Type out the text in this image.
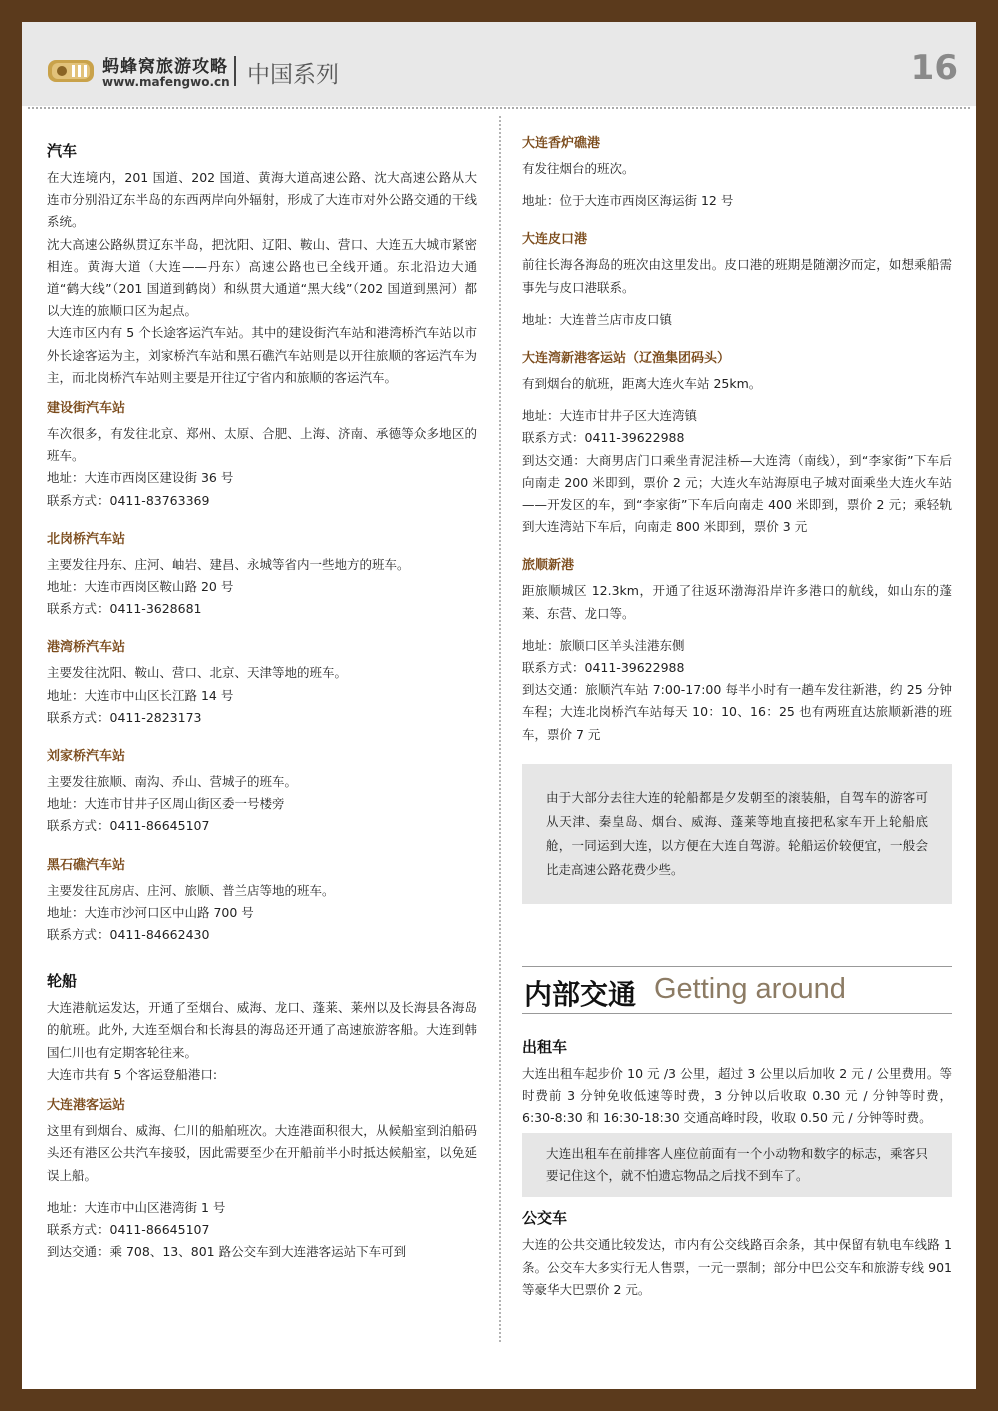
蚂蜂窝旅游攻略
www.mafengwo.cn 中国系列	16
汽车

在大连境内，201 国道、202 国道、黄海大道高速公路、沈大高速公路从大连市分别沿辽东半岛的东西两岸向外辐射，形成了大连市对外公路交通的干线系统。

沈大高速公路纵贯辽东半岛，把沈阳、辽阳、鞍山、营口、大连五大城市紧密相连。黄海大道（大连——丹东）高速公路也已全线开通。东北沿边大通道“鹤大线”（201 国道到鹤岗）和纵贯大通道“黑大线”（202 国道到黑河）都以大连的旅顺口区为起点。

大连市区内有 5 个长途客运汽车站。其中的建设街汽车站和港湾桥汽车站以市外长途客运为主，刘家桥汽车站和黑石礁汽车站则是以开往旅顺的客运汽车为主，而北岗桥汽车站则主要是开往辽宁省内和旅顺的客运汽车。

建设街汽车站

车次很多，有发往北京、郑州、太原、合肥、上海、济南、承德等众多地区的班车。

地址：大连市西岗区建设街 36 号

联系方式：0411-83763369

北岗桥汽车站

主要发往丹东、庄河、岫岩、建昌、永城等省内一些地方的班车。

地址：大连市西岗区鞍山路 20 号

联系方式：0411-3628681

港湾桥汽车站

主要发往沈阳、鞍山、营口、北京、天津等地的班车。

地址：大连市中山区长江路 14 号

联系方式：0411-2823173

刘家桥汽车站

主要发往旅顺、南沟、乔山、营城子的班车。

地址：大连市甘井子区周山街区委一号楼旁

联系方式：0411-86645107

黑石礁汽车站

主要发往瓦房店、庄河、旅顺、普兰店等地的班车。

地址：大连市沙河口区中山路 700 号

联系方式：0411-84662430

轮船

大连港航运发达，开通了至烟台、威海、龙口、蓬莱、莱州以及长海县各海岛的航班。此外, 大连至烟台和长海县的海岛还开通了高速旅游客船。大连到韩国仁川也有定期客轮往来。

大连市共有 5 个客运登船港口:

大连港客运站

这里有到烟台、威海、仁川的船舶班次。大连港面积很大，从候船室到泊船码头还有港区公共汽车接驳，因此需要至少在开船前半小时抵达候船室，以免延误上船。

地址：大连市中山区港湾街 1 号

联系方式：0411-86645107

到达交通：乘 708、13、801 路公交车到大连港客运站下车可到

大连香炉礁港

有发往烟台的班次。

地址：位于大连市西岗区海运街 12 号

大连皮口港

前往长海各海岛的班次由这里发出。皮口港的班期是随潮汐而定，如想乘船需事先与皮口港联系。

地址：大连普兰店市皮口镇

大连湾新港客运站（辽渔集团码头）

有到烟台的航班，距离大连火车站 25km。

地址：大连市甘井子区大连湾镇

联系方式：0411-39622988

到达交通：大商男店门口乘坐青泥洼桥—大连湾（南线），到“李家街”下车后向南走 200 米即到，票价 2 元；大连火车站海原电子城对面乘坐大连火车站——开发区的车，到“李家街”下车后向南走 400 米即到，票价 2 元；乘轻轨到大连湾站下车后，向南走 800 米即到，票价 3 元

旅顺新港

距旅顺城区 12.3km，开通了往返环渤海沿岸许多港口的航线，如山东的蓬莱、东营、龙口等。

地址：旅顺口区羊头洼港东侧

联系方式：0411-39622988

到达交通：旅顺汽车站 7:00-17:00 每半小时有一趟车发往新港，约 25 分钟车程；大连北岗桥汽车站每天 10：10、16：25 也有两班直达旅顺新港的班车，票价 7 元

由于大部分去往大连的轮船都是夕发朝至的滚装船，自驾车的游客可从天津、秦皇岛、烟台、威海、蓬莱等地直接把私家车开上轮船底舱，一同运到大连，以方便在大连自驾游。轮船运价较便宜，一般会比走高速公路花费少些。

内部交通 Getting around
出租车

大连出租车起步价 10 元 /3 公里，超过 3 公里以后加收 2 元 / 公里费用。等时费前 3 分钟免收低速等时费，3 分钟以后收取 0.30 元 / 分钟等时费，6:30-8:30 和 16:30-18:30 交通高峰时段，收取 0.50 元 / 分钟等时费。

大连出租车在前排客人座位前面有一个小动物和数字的标志，乘客只要记住这个，就不怕遗忘物品之后找不到车了。

公交车

大连的公共交通比较发达，市内有公交线路百余条，其中保留有轨电车线路 1 条。公交车大多实行无人售票，一元一票制；部分中巴公交车和旅游专线 901 等豪华大巴票价 2 元。
